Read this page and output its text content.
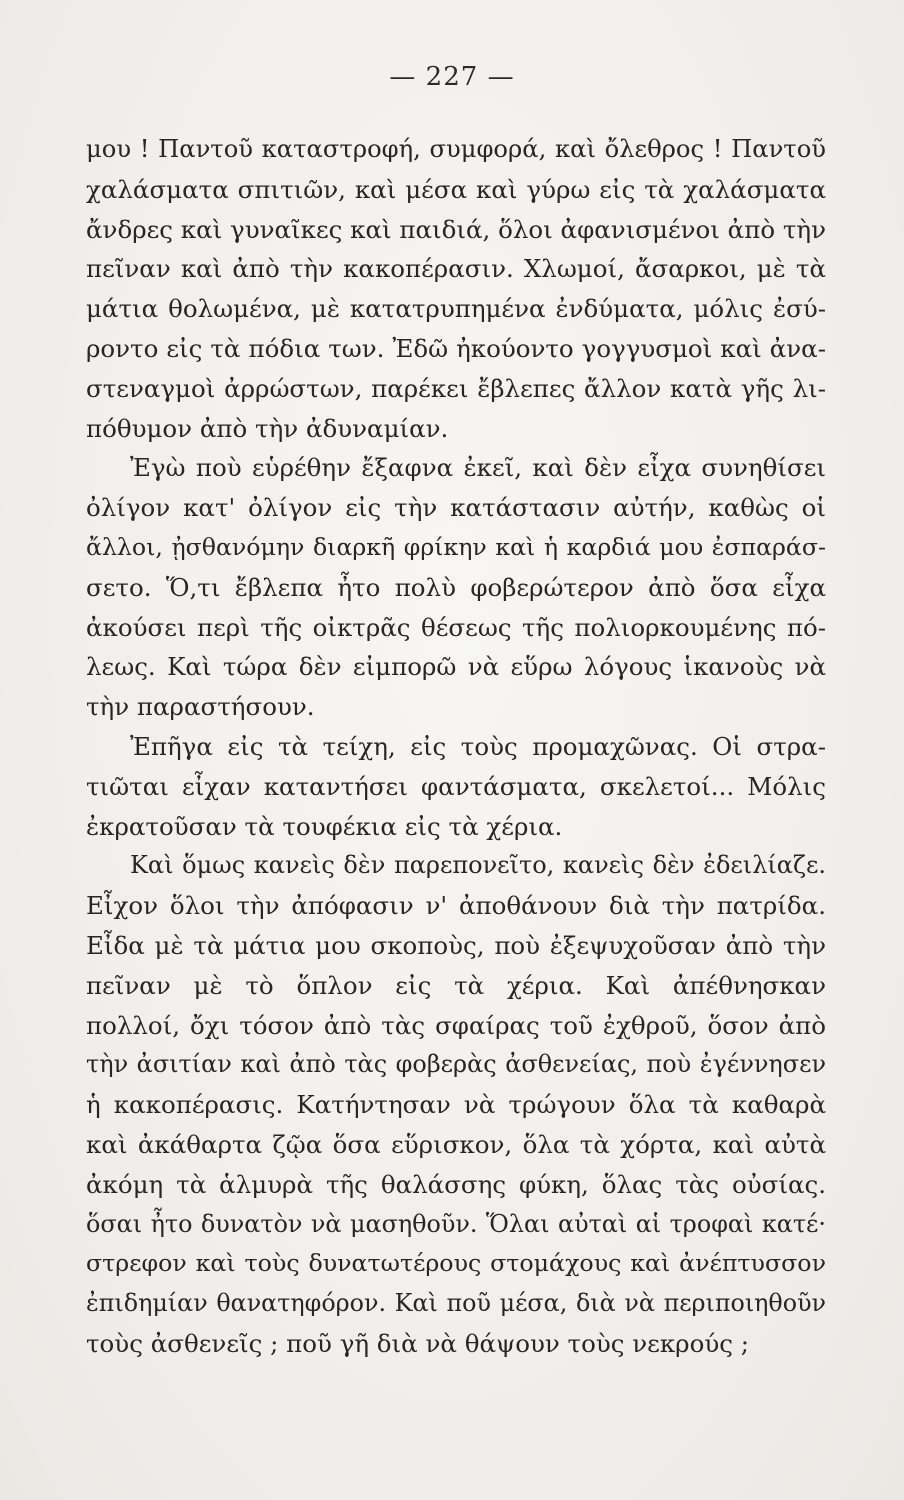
— 227 —
μου ! Παντοῦ καταστροφή, συμφορά, καὶ ὄλεθρος ! Παντοῦ
χαλάσματα σπιτιῶν, καὶ μέσα καὶ γύρω εἰς τὰ χαλάσματα
ἄνδρες καὶ γυναῖκες καὶ παιδιά, ὅλοι ἀφανισμένοι ἀπὸ τὴν
πεῖναν καὶ ἀπὸ τὴν κακοπέρασιν. Χλωμοί, ἄσαρκοι, μὲ τὰ
μάτια θολωμένα, μὲ κατατρυπημένα ἐνδύματα, μόλις ἐσύ-
ροντο εἰς τὰ πόδια των. Ἐδῶ ἠκούοντο γογγυσμοὶ καὶ ἀνα-
στεναγμοὶ ἀρρώστων, παρέκει ἔβλεπες ἄλλον κατὰ γῆς λι-
πόθυμον ἀπὸ τὴν ἀδυναμίαν.
Ἐγὼ ποὺ εὑρέθην ἔξαφνα ἐκεῖ, καὶ δὲν εἶχα συνηθίσει
ὀλίγον κατ' ὀλίγον εἰς τὴν κατάστασιν αὐτήν, καθὼς οἱ
ἄλλοι, ᾐσθανόμην διαρκῆ φρίκην καὶ ἡ καρδιά μου ἐσπαράσ-
σετο. Ὅ,τι ἔβλεπα ἦτο πολὺ φοβερώτερον ἀπὸ ὅσα εἶχα
ἀκούσει περὶ τῆς οἰκτρᾶς θέσεως τῆς πολιορκουμένης πό-
λεως. Καὶ τώρα δὲν εἰμπορῶ νὰ εὕρω λόγους ἱκανοὺς νὰ
τὴν παραστήσουν.
Ἐπῆγα εἰς τὰ τείχη, εἰς τοὺς προμαχῶνας. Οἱ στρα-
τιῶται εἶχαν καταντήσει φαντάσματα, σκελετοί... Μόλις
ἐκρατοῦσαν τὰ τουφέκια εἰς τὰ χέρια.
Καὶ ὅμως κανεὶς δὲν παρεπονεῖτο, κανεὶς δὲν ἐδειλίαζε.
Εἶχον ὅλοι τὴν ἀπόφασιν ν' ἀποθάνουν διὰ τὴν πατρίδα.
Εἶδα μὲ τὰ μάτια μου σκοποὺς, ποὺ ἐξεψυχοῦσαν ἀπὸ τὴν
πεῖναν μὲ τὸ ὅπλον εἰς τὰ χέρια. Καὶ ἀπέθνησκαν
πολλοί, ὄχι τόσον ἀπὸ τὰς σφαίρας τοῦ ἐχθροῦ, ὅσον ἀπὸ
τὴν ἀσιτίαν καὶ ἀπὸ τὰς φοβερὰς ἀσθενείας, ποὺ ἐγέννησεν
ἡ κακοπέρασις. Κατήντησαν νὰ τρώγουν ὅλα τὰ καθαρὰ
καὶ ἀκάθαρτα ζῷα ὅσα εὕρισκον, ὅλα τὰ χόρτα, καὶ αὐτὰ
ἀκόμη τὰ ἁλμυρὰ τῆς θαλάσσης φύκη, ὅλας τὰς οὐσίας.
ὅσαι ἦτο δυνατὸν νὰ μασηθοῦν. Ὅλαι αὐταὶ αἱ τροφαὶ κατέ·
στρεφον καὶ τοὺς δυνατωτέρους στομάχους καὶ ἀνέπτυσσον
ἐπιδημίαν θανατηφόρον. Καὶ ποῦ μέσα, διὰ νὰ περιποιηθοῦν
τοὺς ἀσθενεῖς ; ποῦ γῆ διὰ νὰ θάψουν τοὺς νεκρούς ;
